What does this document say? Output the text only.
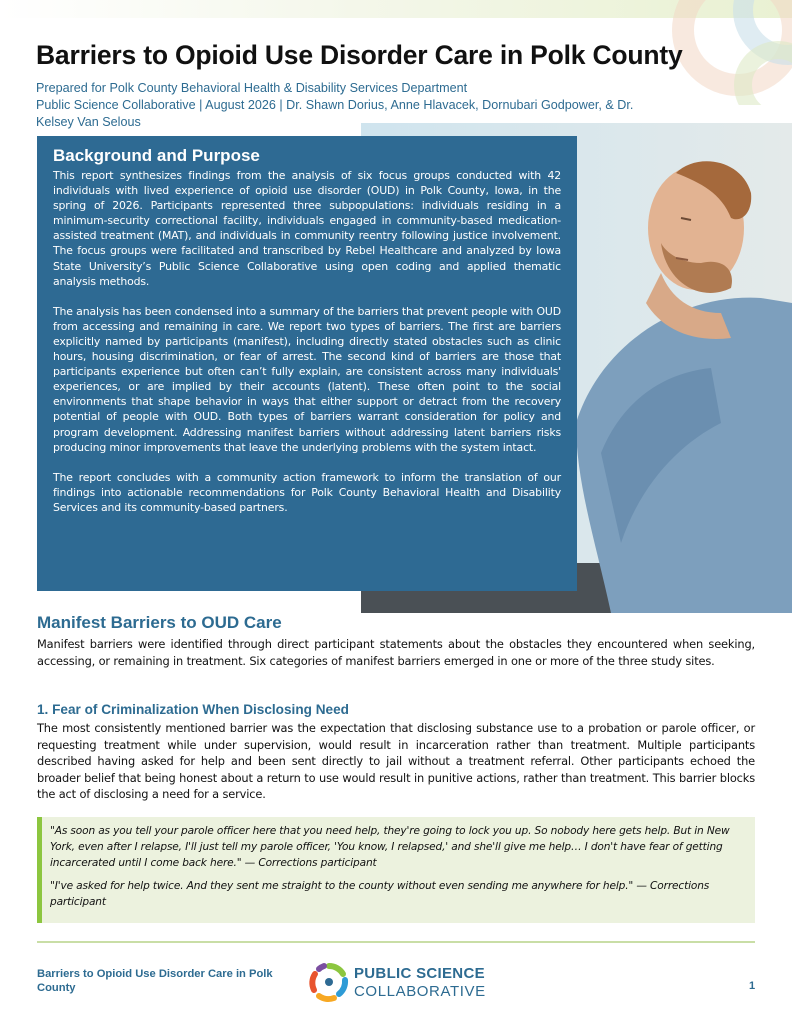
Barriers to Opioid Use Disorder Care in Polk County
Prepared for Polk County Behavioral Health & Disability Services Department
Public Science Collaborative | August 2026 | Dr. Shawn Dorius, Anne Hlavacek, Dornubari Godpower, & Dr.
Kelsey Van Selous
Background and Purpose

This report synthesizes findings from the analysis of six focus groups conducted with 42 individuals with lived experience of opioid use disorder (OUD) in Polk County, Iowa, in the spring of 2026. Participants represented three subpopulations: individuals residing in a minimum-security correctional facility, individuals engaged in community-based medication-assisted treatment (MAT), and individuals in community reentry following justice involvement. The focus groups were facilitated and transcribed by Rebel Healthcare and analyzed by Iowa State University’s Public Science Collaborative using open coding and applied thematic analysis methods.

The analysis has been condensed into a summary of the barriers that prevent people with OUD from accessing and remaining in care. We report two types of barriers. The first are barriers explicitly named by participants (manifest), including directly stated obstacles such as clinic hours, housing discrimination, or fear of arrest. The second kind of barriers are those that participants experience but often can’t fully explain, are consistent across many individuals' experiences, or are implied by their accounts (latent). These often point to the social environments that shape behavior in ways that either support or detract from the recovery potential of people with OUD. Both types of barriers warrant consideration for policy and program development. Addressing manifest barriers without addressing latent barriers risks producing minor improvements that leave the underlying problems with the system intact.

The report concludes with a community action framework to inform the translation of our findings into actionable recommendations for Polk County Behavioral Health and Disability Services and its community-based partners.

Manifest Barriers to OUD Care

Manifest barriers were identified through direct participant statements about the obstacles they encountered when seeking, accessing, or remaining in treatment. Six categories of manifest barriers emerged in one or more of the three study sites.

1. Fear of Criminalization When Disclosing Need

The most consistently mentioned barrier was the expectation that disclosing substance use to a probation or parole officer, or requesting treatment while under supervision, would result in incarceration rather than treatment. Multiple participants described having asked for help and been sent directly to jail without a treatment referral. Other participants echoed the broader belief that being honest about a return to use would result in punitive actions, rather than treatment. This barrier blocks the act of disclosing a need for a service.

"As soon as you tell your parole officer here that you need help, they're going to lock you up. So nobody here gets help. But in New York, even after I relapse, I'll just tell my parole officer, 'You know, I relapsed,' and she'll give me help… I don't have fear of getting incarcerated until I come back here." — Corrections participant

"I've asked for help twice. And they sent me straight to the county without even sending me anywhere for help." — Corrections participant

Barriers to Opioid Use Disorder Care in Polk County
PUBLIC SCIENCE
COLLABORATIVE	1
